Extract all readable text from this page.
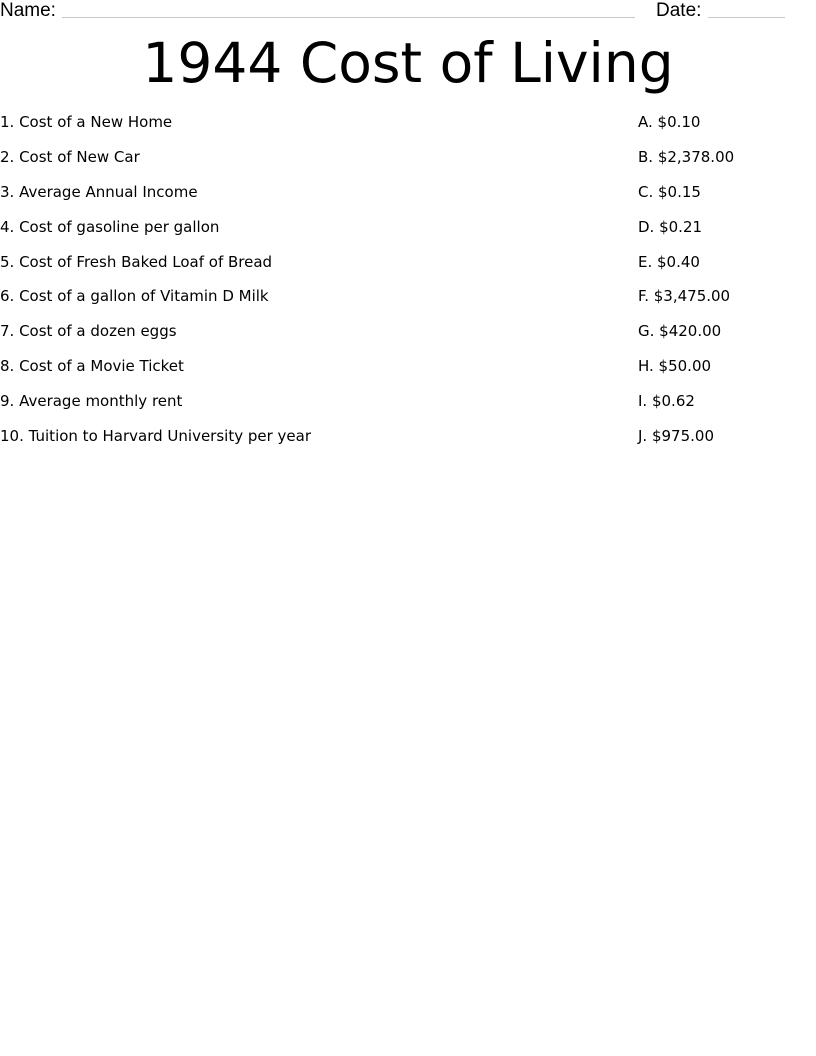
Name:	Date:
1944 Cost of Living
1. Cost of a New Home
2. Cost of New Car
3. Average Annual Income
4. Cost of gasoline per gallon
5. Cost of Fresh Baked Loaf of Bread
6. Cost of a gallon of Vitamin D Milk
7. Cost of a dozen eggs
8. Cost of a Movie Ticket
9. Average monthly rent
10. Tuition to Harvard University per year
A. $0.10
B. $2,378.00
C. $0.15
D. $0.21
E. $0.40
F. $3,475.00
G. $420.00
H. $50.00
I. $0.62
J. $975.00
